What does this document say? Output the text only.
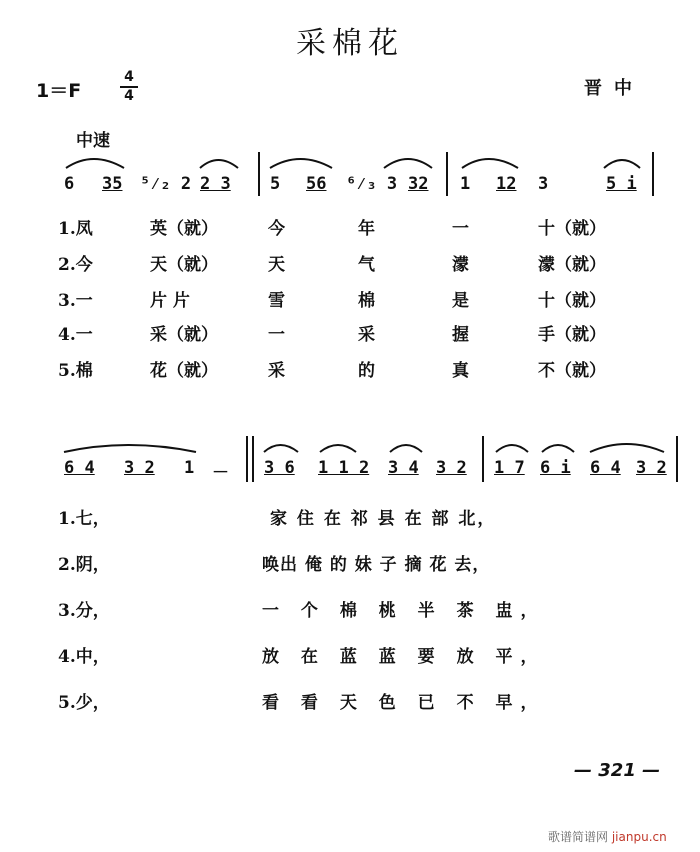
采棉花
1＝F
4
4	晋中
中速
6 35 ⁵⁄₂ 2 2 3 5 56 ⁶⁄₃ 3 32 1 12 3	5 i
1.凤	英（就）	今	年	一	十（就）
2.今	天（就）	天	气	濛	濛（就）
3.一	片 片	雪	棉	是	十（就）
4.一	采（就）	一	采	握	手（就）
5.棉	花（就）	采	的	真	不（就）
6 4 3 2 1 － 3 6 1 1 2 3 4 3 2 1 7 6 i 6 4 3 2
1.七，	家 住 在 祁 县 在 部 北，
2.阴，	唤出 俺 的 妹 子 摘 花 去，
3.分，	一 个 棉 桃 半 茶 盅，
4.中，	放 在 蓝 蓝 要 放 平，
5.少，	看 看 天 色 已 不 早，
— 321 —
歌谱简谱网 jianpu.cn
